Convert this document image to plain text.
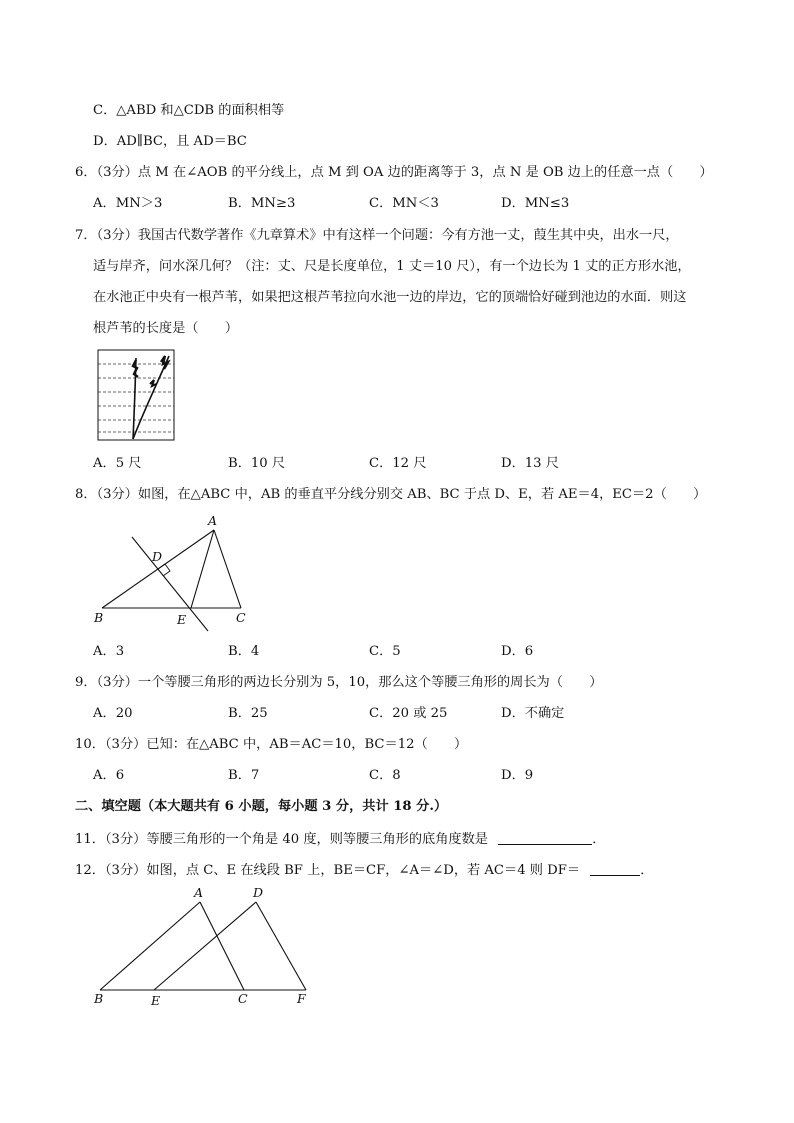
C．△ABD 和△CDB 的面积相等
D．AD∥BC，且 AD＝BC
6．（3分）点 M 在∠AOB 的平分线上，点 M 到 OA 边的距离等于 3，点 N 是 OB 边上的任意一点（　　）
A．MN＞3	B．MN≥3	C．MN＜3	D．MN≤3
7．（3分）我国古代数学著作《九章算术》中有这样一个问题：今有方池一丈，葭生其中央，出水一尺，
适与岸齐，问水深几何？（注：丈、尺是长度单位，1 丈＝10 尺），有一个边长为 1 丈的正方形水池，
在水池正中央有一根芦苇，如果把这根芦苇拉向水池一边的岸边，它的顶端恰好碰到池边的水面．则这
根芦苇的长度是（　　）
A．5 尺	B．10 尺	C．12 尺	D．13 尺
8．（3分）如图，在△ABC 中，AB 的垂直平分线分别交 AB、BC 于点 D、E，若 AE＝4，EC＝2（　　）
A
B	C
D
E
A．3	B．4	C．5	D．6
9．（3分）一个等腰三角形的两边长分别为 5，10，那么这个等腰三角形的周长为（　　）
A．20	B．25	C．20 或 25	D．不确定
10．（3分）已知：在△ABC 中，AB＝AC＝10，BC＝12（　　）
A．6	B．7	C．8	D．9
二、填空题（本大题共有 6 小题，每小题 3 分，共计 18 分.）
11．（3分）等腰三角形的一个角是 40 度，则等腰三角形的底角度数是	．
12．（3分）如图，点 C、E 在线段 BF 上，BE＝CF，∠A＝∠D，若 AC＝4 则 DF＝	．
A	D
B	E	C	F
